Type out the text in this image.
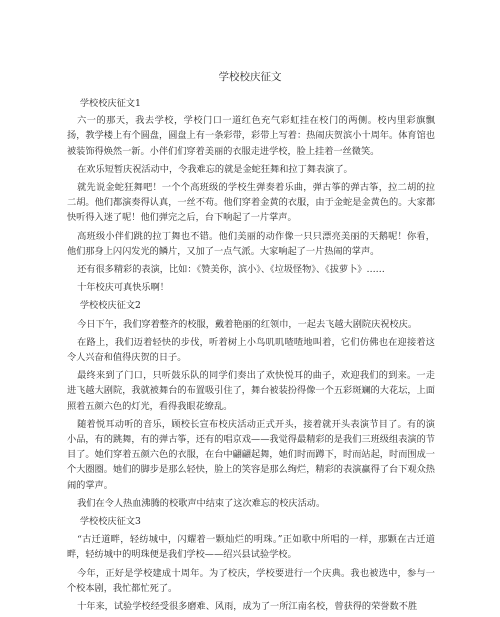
学校校庆征文
学校校庆征文1

六一的那天，我去学校，学校门口一道红色充气彩虹挂在校门的两侧。校内里彩旗飘扬，教学楼上有个圆盘，圆盘上有一条彩带，彩带上写着：热闹庆贺滨小十周年。体育馆也被装饰得焕然一新。小伴们们穿着美丽的衣服走进学校，脸上挂着一丝微笑。

在欢乐短暂庆祝活动中，令我难忘的就是金蛇狂舞和拉丁舞表演了。

就先说金蛇狂舞吧！一个个高班级的学校生弹奏着乐曲，弹古筝的弹古筝，拉二胡的拉二胡。他们都演奏得认真，一丝不苟。他们穿着金黄的衣服，由于金蛇是金黄色的。大家都快听得入迷了呢！他们弹完之后，台下响起了一片掌声。

高班级小伴们跳的拉丁舞也不错。他们美丽的动作像一只只漂亮美丽的天鹅呢！你看，他们那身上闪闪发光的鳞片，又加了一点气派。大家响起了一片热闹的掌声。

还有很多精彩的表演，比如：《赞美你，滨小》、《垃圾怪物》、《拔萝卜》……

十年校庆可真快乐啊！

学校校庆征文2

今日下午，我们穿着整齐的校服，戴着艳丽的红领巾，一起去飞越大剧院庆祝校庆。

在路上，我们迈着轻快的步伐，听着树上小鸟叽叽喳喳地叫着，它们仿佛也在迎接着这令人兴奋和值得庆贺的日子。

最终来到了门口，只听鼓乐队的同学们奏出了欢快悦耳的曲子，欢迎我们的到来。一走进飞越大剧院，我就被舞台的布置吸引住了，舞台被装扮得像一个五彩斑斓的大花坛，上面照着五颜六色的灯光，看得我眼花缭乱。

随着悦耳动听的音乐，顾校长宣布校庆活动正式开头，接着就开头表演节目了。有的演小品，有的跳舞，有的弹古筝，还有的唱京戏——我觉得最精彩的是我们三班级组表演的节目了。她们穿着五颜六色的衣服，在台中翩翩起舞，她们时而蹲下，时而站起，时而围成一个大圈圈。她们的脚步是那么轻快，脸上的笑容是那么绚烂，精彩的表演赢得了台下观众热闹的掌声。

我们在令人热血沸腾的校歌声中结束了这次难忘的校庆活动。

学校校庆征文3

“古迁道畔，轻纺城中，闪耀着一颗灿烂的明珠。”正如歌中所唱的一样，那颗在古迁道畔，轻纺城中的明珠便是我们学校——绍兴县试验学校。

今年，正好是学校建成十周年。为了校庆，学校要进行一个庆典。我也被选中，参与一个校本剧，我忙都忙死了。

十年来，试验学校经受很多磨难、风雨，成为了一所江南名校，曾获得的荣誉数不胜
